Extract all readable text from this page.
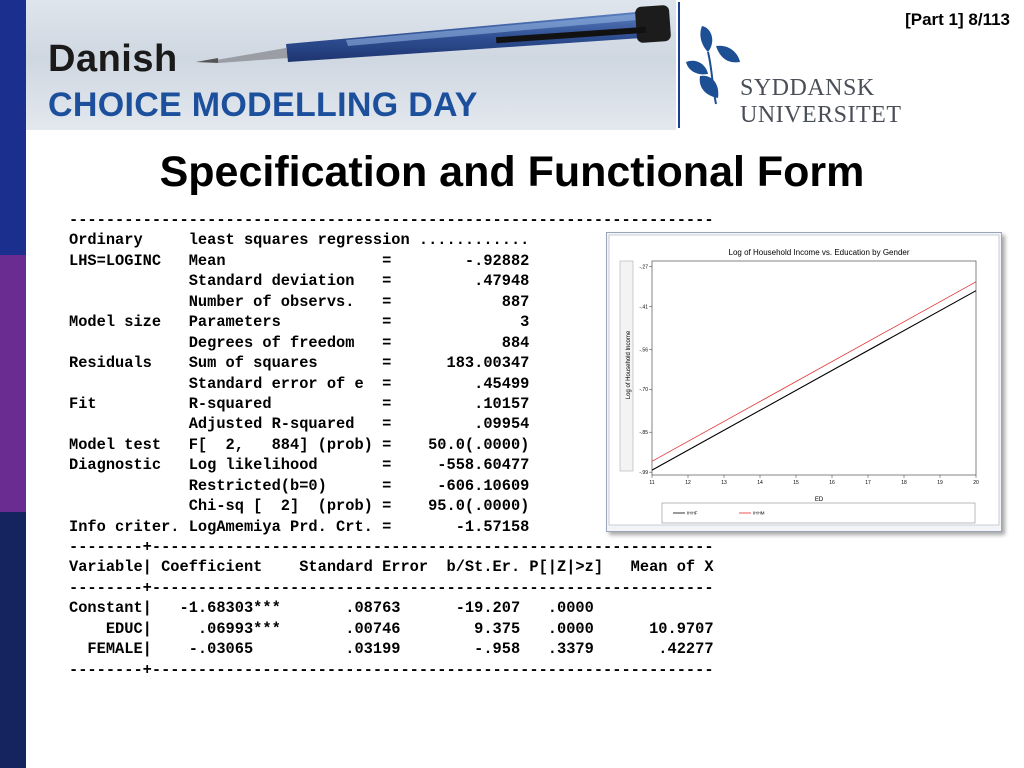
Danish
CHOICE MODELLING DAY	SYDDANSK UNIVERSITET
[Part 1] 8/113
Specification and Functional Form
----------------------------------------------------------------------
Ordinary     least squares regression ............
LHS=LOGINC   Mean                 =        -.92882
Standard deviation   =         .47948
Number of observs.   =            887
Model size   Parameters           =              3
Degrees of freedom   =            884
Residuals    Sum of squares       =      183.00347
Standard error of e  =         .45499
Fit          R-squared            =         .10157
Adjusted R-squared   =         .09954
Model test   F[  2,   884] (prob) =    50.0(.0000)
Diagnostic   Log likelihood       =     -558.60477
Restricted(b=0)      =     -606.10609
Chi-sq [  2]  (prob) =    95.0(.0000)
Info criter. LogAmemiya Prd. Crt. =       -1.57158
--------+-------------------------------------------------------------
Variable| Coefficient    Standard Error  b/St.Er. P[|Z|>z]   Mean of X
--------+-------------------------------------------------------------
Constant|   -1.68303***       .08763      -19.207   .0000
EDUC|     .06993***       .00746        9.375   .0000      10.9707
FEMALE|    -.03065          .03199        -.958   .3379       .42277
--------+-------------------------------------------------------------
Log of Household Income vs. Education by Gender
Log of Household Income
ED
11	12	13	14	15	16	17	18	19	20
-.27
-.41
-.56
-.70
-.85
-.99
IHHF	IHHM
